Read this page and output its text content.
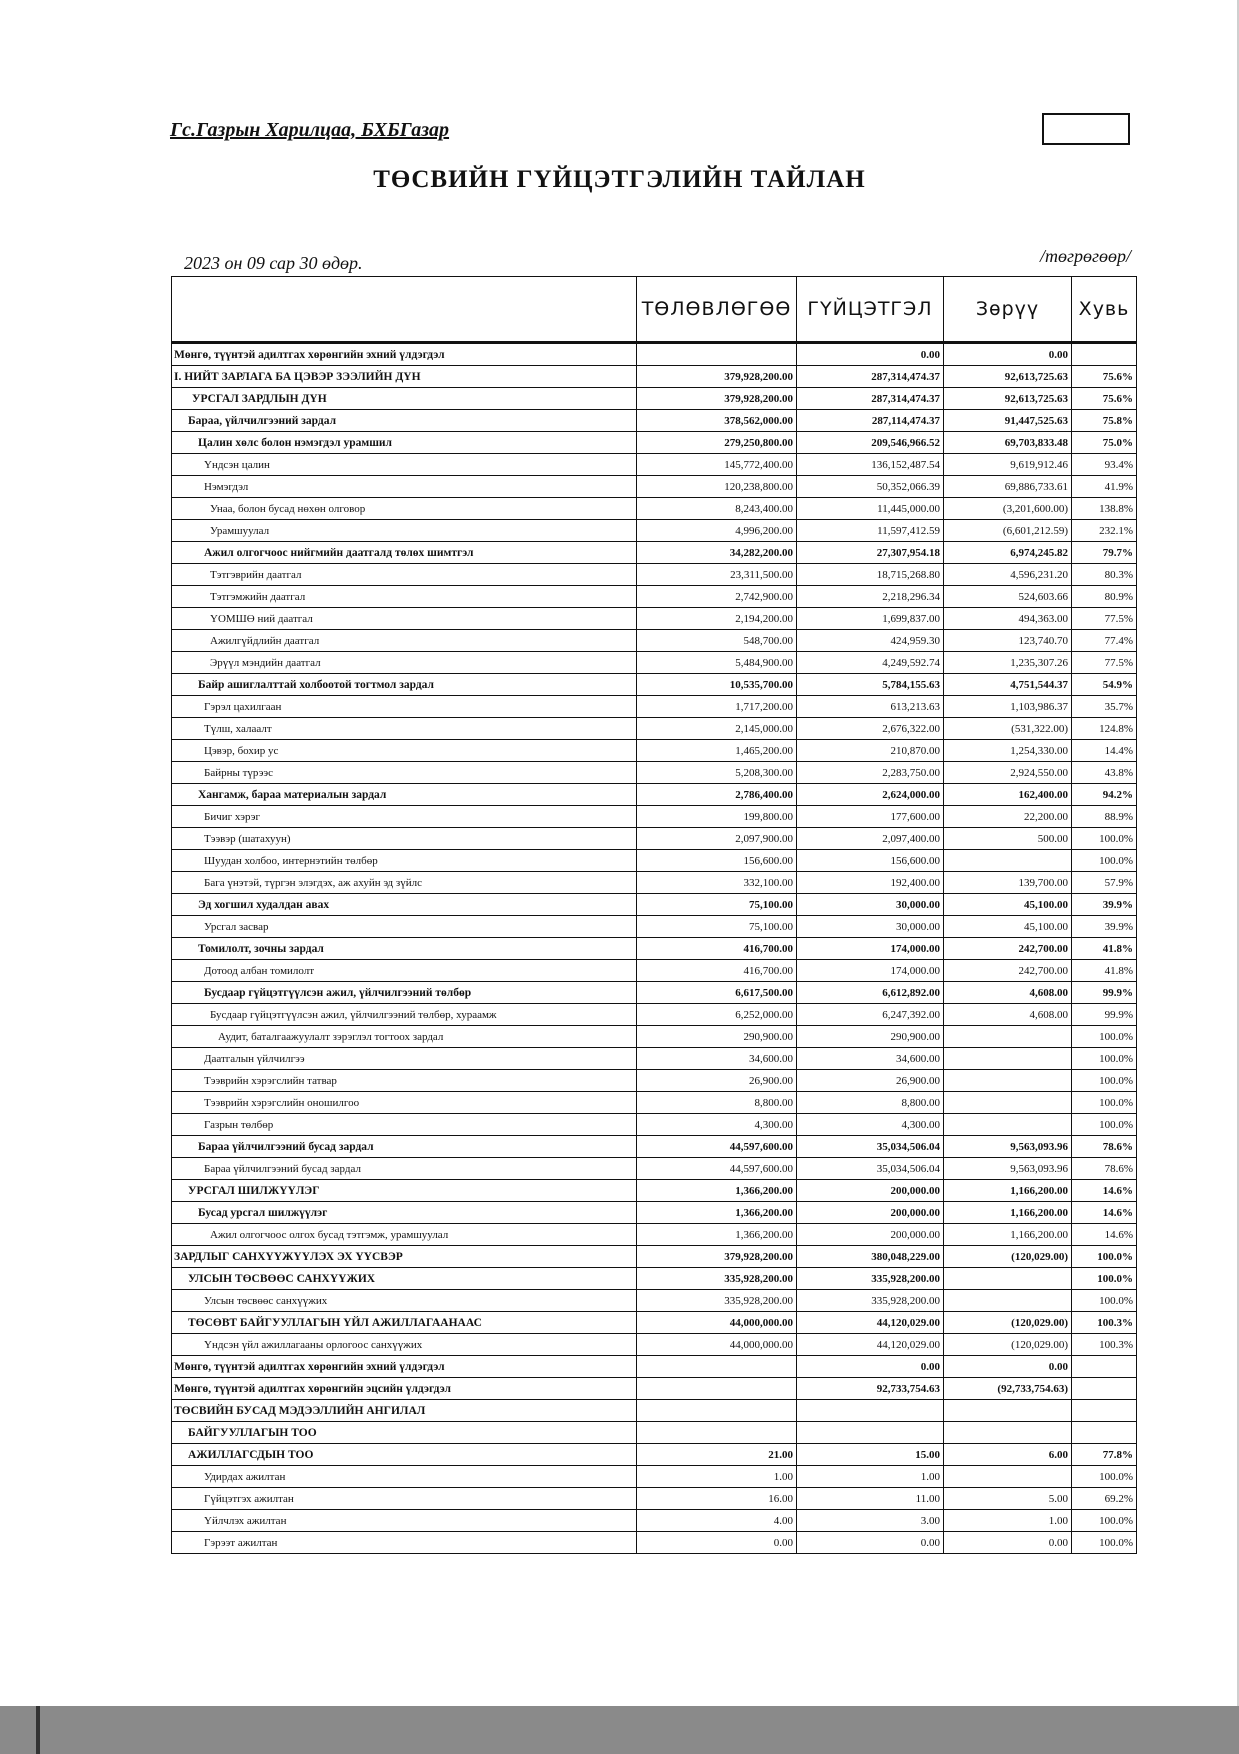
Гс.Газрын Харилцаа, БХБГазар
ТӨСВИЙН ГҮЙЦЭТГЭЛИЙН ТАЙЛАН
2023 он 09 сар 30 өдөр.	/төгрөгөөр/
	ТӨЛӨВЛӨГӨӨ	ГҮЙЦЭТГЭЛ	Зөрүү	Хувь
Мөнгө, түүнтэй адилтгах хөрөнгийн эхний үлдэгдэл		0.00	0.00	
I. НИЙТ ЗАРЛАГА БА ЦЭВЭР ЗЭЭЛИЙН ДҮН	379,928,200.00	287,314,474.37	92,613,725.63	75.6%
УРСГАЛ ЗАРДЛЫН ДҮН	379,928,200.00	287,314,474.37	92,613,725.63	75.6%
Бараа, үйлчилгээний зардал	378,562,000.00	287,114,474.37	91,447,525.63	75.8%
Цалин хөлс болон нэмэгдэл урамшил	279,250,800.00	209,546,966.52	69,703,833.48	75.0%
Үндсэн цалин	145,772,400.00	136,152,487.54	9,619,912.46	93.4%
Нэмэгдэл	120,238,800.00	50,352,066.39	69,886,733.61	41.9%
Унаа, болон бусад нөхөн олговор	8,243,400.00	11,445,000.00	(3,201,600.00)	138.8%
Урамшуулал	4,996,200.00	11,597,412.59	(6,601,212.59)	232.1%
Ажил олгогчоос нийгмийн даатгалд төлөх шимтгэл	34,282,200.00	27,307,954.18	6,974,245.82	79.7%
Тэтгэврийн даатгал	23,311,500.00	18,715,268.80	4,596,231.20	80.3%
Тэтгэмжийн даатгал	2,742,900.00	2,218,296.34	524,603.66	80.9%
ҮОМШӨ ний даатгал	2,194,200.00	1,699,837.00	494,363.00	77.5%
Ажилгүйдлийн даатгал	548,700.00	424,959.30	123,740.70	77.4%
Эрүүл мэндийн даатгал	5,484,900.00	4,249,592.74	1,235,307.26	77.5%
Байр ашиглалттай холбоотой тогтмол зардал	10,535,700.00	5,784,155.63	4,751,544.37	54.9%
Гэрэл цахилгаан	1,717,200.00	613,213.63	1,103,986.37	35.7%
Түлш, халаалт	2,145,000.00	2,676,322.00	(531,322.00)	124.8%
Цэвэр, бохир ус	1,465,200.00	210,870.00	1,254,330.00	14.4%
Байрны түрээс	5,208,300.00	2,283,750.00	2,924,550.00	43.8%
Хангамж, бараа материалын зардал	2,786,400.00	2,624,000.00	162,400.00	94.2%
Бичиг хэрэг	199,800.00	177,600.00	22,200.00	88.9%
Тээвэр (шатахуун)	2,097,900.00	2,097,400.00	500.00	100.0%
Шуудан холбоо, интернэтийн төлбөр	156,600.00	156,600.00		100.0%
Бага үнэтэй, түргэн элэгдэх, аж ахуйн эд зүйлс	332,100.00	192,400.00	139,700.00	57.9%
Эд хогшил худалдан авах	75,100.00	30,000.00	45,100.00	39.9%
Урсгал засвар	75,100.00	30,000.00	45,100.00	39.9%
Томилолт, зочны зардал	416,700.00	174,000.00	242,700.00	41.8%
Дотоод албан томилолт	416,700.00	174,000.00	242,700.00	41.8%
Бусдаар гүйцэтгүүлсэн ажил, үйлчилгээний төлбөр	6,617,500.00	6,612,892.00	4,608.00	99.9%
Бусдаар гүйцэтгүүлсэн ажил, үйлчилгээний төлбөр, хураамж	6,252,000.00	6,247,392.00	4,608.00	99.9%
Аудит, баталгаажуулалт зэрэглэл тогтоох зардал	290,900.00	290,900.00		100.0%
Даатгалын үйлчилгээ	34,600.00	34,600.00		100.0%
Тээврийн хэрэгслийн татвар	26,900.00	26,900.00		100.0%
Тээврийн хэрэгслийн оношилгоо	8,800.00	8,800.00		100.0%
Газрын төлбөр	4,300.00	4,300.00		100.0%
Бараа үйлчилгээний бусад зардал	44,597,600.00	35,034,506.04	9,563,093.96	78.6%
Бараа үйлчилгээний бусад зардал	44,597,600.00	35,034,506.04	9,563,093.96	78.6%
УРСГАЛ ШИЛЖҮҮЛЭГ	1,366,200.00	200,000.00	1,166,200.00	14.6%
Бусад урсгал шилжүүлэг	1,366,200.00	200,000.00	1,166,200.00	14.6%
Ажил олгогчоос олгох бусад тэтгэмж, урамшуулал	1,366,200.00	200,000.00	1,166,200.00	14.6%
ЗАРДЛЫГ САНХҮҮЖҮҮЛЭХ ЭХ ҮҮСВЭР	379,928,200.00	380,048,229.00	(120,029.00)	100.0%
УЛСЫН ТӨСВӨӨС САНХҮҮЖИХ	335,928,200.00	335,928,200.00		100.0%
Улсын төсвөөс санхүүжих	335,928,200.00	335,928,200.00		100.0%
ТӨСӨВТ БАЙГУУЛЛАГЫН ҮЙЛ АЖИЛЛАГААНААС	44,000,000.00	44,120,029.00	(120,029.00)	100.3%
Үндсэн үйл ажиллагааны орлогоос санхүүжих	44,000,000.00	44,120,029.00	(120,029.00)	100.3%
Мөнгө, түүнтэй адилтгах хөрөнгийн эхний үлдэгдэл		0.00	0.00	
Мөнгө, түүнтэй адилтгах хөрөнгийн эцсийн үлдэгдэл		92,733,754.63	(92,733,754.63)	
ТӨСВИЙН БУСАД МЭДЭЭЛЛИЙН АНГИЛАЛ				
БАЙГУУЛЛАГЫН ТОО				
АЖИЛЛАГСДЫН ТОО	21.00	15.00	6.00	77.8%
Удирдах ажилтан	1.00	1.00		100.0%
Гүйцэтгэх ажилтан	16.00	11.00	5.00	69.2%
Үйлчлэх ажилтан	4.00	3.00	1.00	100.0%
Гэрээт ажилтан	0.00	0.00	0.00	100.0%
